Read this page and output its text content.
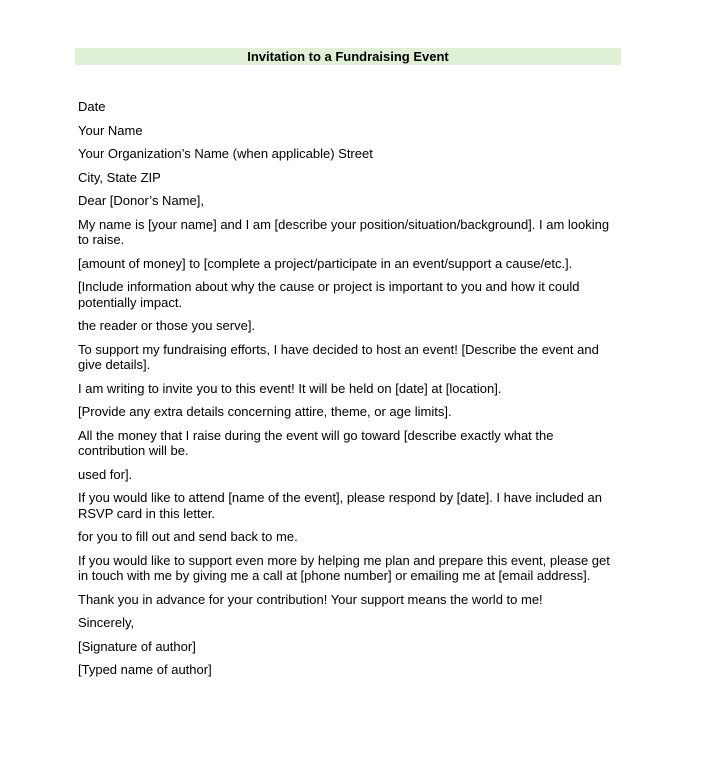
Invitation to a Fundraising Event

Date

Your Name

Your Organization’s Name (when applicable) Street

City, State ZIP

Dear [Donor’s Name],

My name is [your name] and I am [describe your position/situation/background]. I am looking to raise.

[amount of money] to [complete a project/participate in an event/support a cause/etc.].

[Include information about why the cause or project is important to you and how it could potentially impact.

the reader or those you serve].

To support my fundraising efforts, I have decided to host an event! [Describe the event and give details].

I am writing to invite you to this event! It will be held on [date] at [location].

[Provide any extra details concerning attire, theme, or age limits].

All the money that I raise during the event will go toward [describe exactly what the contribution will be.

used for].

If you would like to attend [name of the event], please respond by [date]. I have included an RSVP card in this letter.

for you to fill out and send back to me.

If you would like to support even more by helping me plan and prepare this event, please get in touch with me by giving me a call at [phone number] or emailing me at [email address].

Thank you in advance for your contribution! Your support means the world to me!

Sincerely,

[Signature of author]

[Typed name of author]
